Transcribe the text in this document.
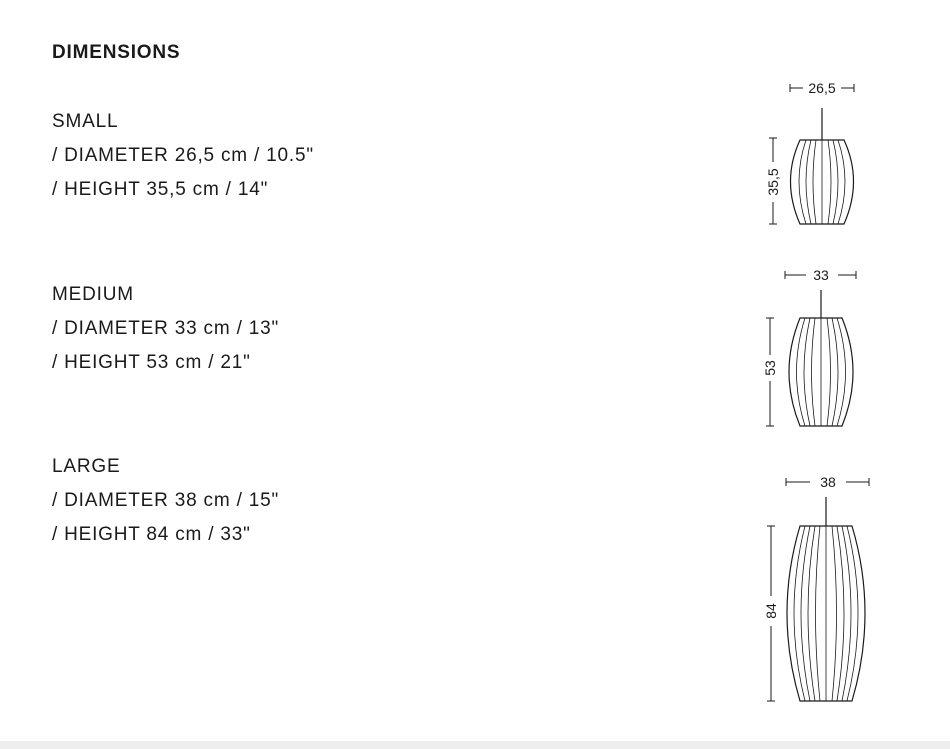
DIMENSIONS
SMALL
/ DIAMETER 26,5 cm / 10.5"
/ HEIGHT 35,5 cm / 14"
MEDIUM
/ DIAMETER 33 cm / 13"
/ HEIGHT 53 cm / 21"
LARGE
/ DIAMETER 38 cm / 15"
/ HEIGHT 84 cm / 33"
26,5
35,5
33
53
38
84
